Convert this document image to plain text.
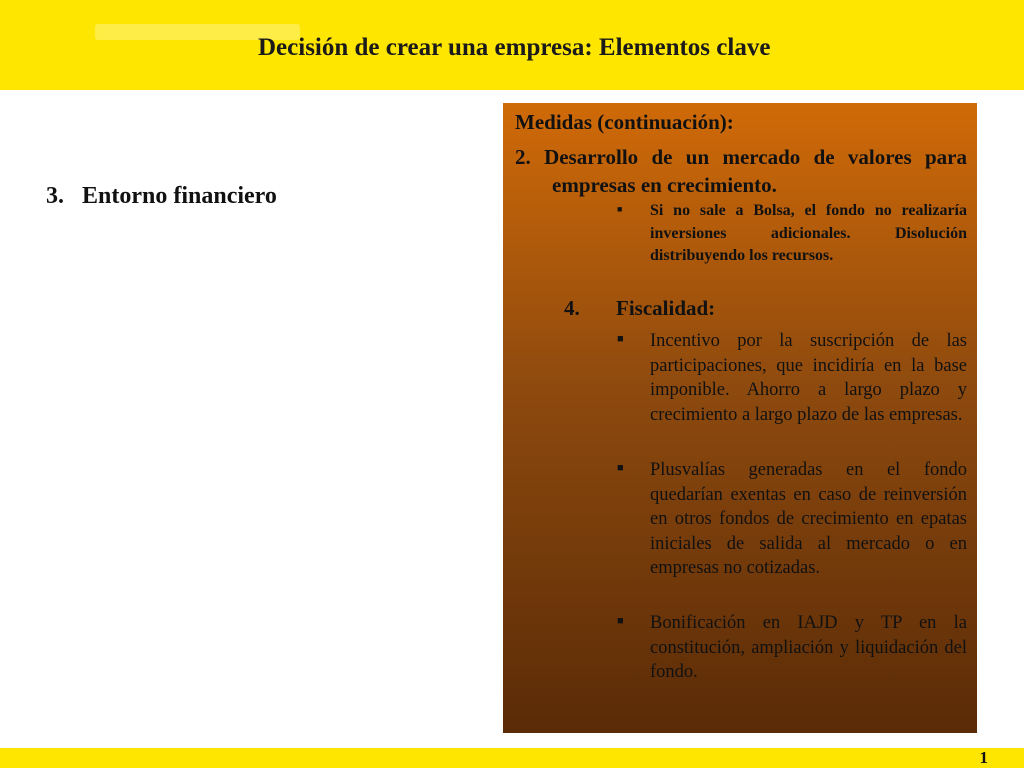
Decisión de crear una empresa: Elementos clave
3. Entorno financiero
Medidas (continuación):
2. Desarrollo de un mercado de valores para empresas en crecimiento.
■	Si no sale a Bolsa, el fondo no realizaría inversiones adicionales. Disolución distribuyendo los recursos.
4.	Fiscalidad:
■	Incentivo por la suscripción de las participaciones, que incidiría en la base imponible. Ahorro a largo plazo y crecimiento a largo plazo de las empresas.
■	Plusvalías generadas en el fondo quedarían exentas en caso de reinversión en otros fondos de crecimiento en epatas iniciales de salida al mercado o en empresas no cotizadas.
■	Bonificación en IAJD y TP en la constitución, ampliación y liquidación del fondo.
1
